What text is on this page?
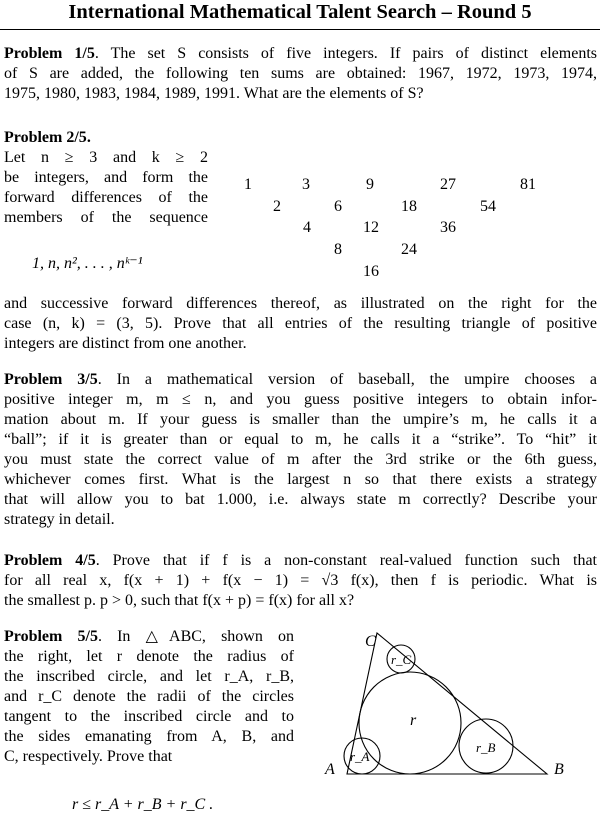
International Mathematical Talent Search – Round 5
Problem 1/5. The set S consists of five integers. If pairs of distinct elements
of S are added, the following ten sums are obtained: 1967, 1972, 1973, 1974,
1975, 1980, 1983, 1984, 1989, 1991. What are the elements of S?
Problem 2/5.
Let n ≥ 3 and k ≥ 2
be integers, and form the
forward differences of the
members of the sequence
1, n, n², . . . , nᵏ⁻¹
1	3	9	27	81
2	6	18	54
4	12	36
8	24
16
and successive forward differences thereof, as illustrated on the right for the
case (n, k) = (3, 5). Prove that all entries of the resulting triangle of positive
integers are distinct from one another.
Problem 3/5. In a mathematical version of baseball, the umpire chooses a
positive integer m, m ≤ n, and you guess positive integers to obtain infor-
mation about m. If your guess is smaller than the umpire’s m, he calls it a
“ball”; if it is greater than or equal to m, he calls it a “strike”. To “hit” it
you must state the correct value of m after the 3rd strike or the 6th guess,
whichever comes first. What is the largest n so that there exists a strategy
that will allow you to bat 1.000, i.e. always state m correctly? Describe your
strategy in detail.
Problem 4/5. Prove that if f is a non-constant real-valued function such that
for all real x, f(x + 1) + f(x − 1) = √3 f(x), then f is periodic. What is
the smallest p. p > 0, such that f(x + p) = f(x) for all x?
Problem 5/5. In △ABC, shown on
the right, let r denote the radius of
the inscribed circle, and let r_A, r_B,
and r_C denote the radii of the circles
tangent to the inscribed circle and to
the sides emanating from A, B, and
C, respectively. Prove that
r ≤ r_A + r_B + r_C .
C
A	B
r
r_C
r_A
r_B
